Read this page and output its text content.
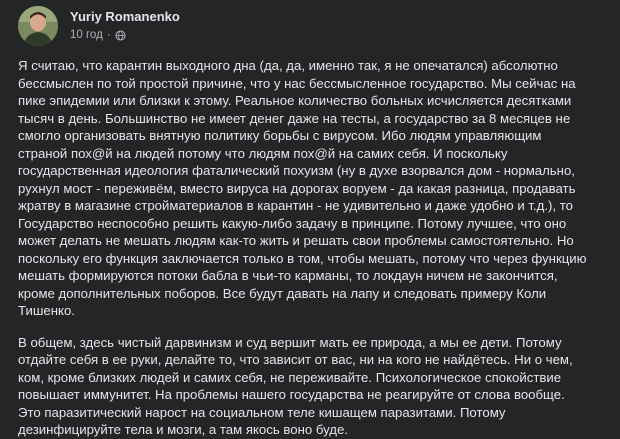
Yuriy Romanenko
10 год ·

Я считаю, что карантин выходного дна (да, да, именно так, я не опечатался) абсолютно
бессмыслен по той простой причине, что у нас бессмысленное государство. Мы сейчас на
пике эпидемии или близки к этому. Реальное количество больных исчисляется десятками
тысяч в день. Большинство не имеет денег даже на тесты, а государство за 8 месяцев не
смогло организовать внятную политику борьбы с вирусом. Ибо людям управляющим
страной пох@й на людей потому что людям пох@й на самих себя. И поскольку
государственная идеология фаталический похуизм (ну в духе взорвался дом - нормально,
рухнул мост - переживём, вместо вируса на дорогах воруем - да какая разница, продавать
жратву в магазине стройматериалов в карантин - не удивительно и даже удобно и т.д.), то
Государство неспособно решить какую-либо задачу в принципе. Потому лучшее, что оно
может делать не мешать людям как-то жить и решать свои проблемы самостоятельно. Но
поскольку его функция заключается только в том, чтобы мешать, потому что через функцию
мешать формируются потоки бабла в чьи-то карманы, то локдаун ничем не закончится,
кроме дополнительных поборов. Все будут давать на лапу и следовать примеру Коли
Тишенко.

В общем, здесь чистый дарвинизм и суд вершит мать ее природа, а мы ее дети. Потому
отдайте себя в ее руки, делайте то, что зависит от вас, ни на кого не найдётесь. Ни о чем,
ком, кроме близких людей и самих себя, не переживайте. Психологическое спокойствие
повышает иммунитет. На проблемы нашего государства не реагируйте от слова вообще.
Это паразитический нарост на социальном теле кишащем паразитами. Потому
дезинфицируйте тела и мозги, а там якось воно буде.
